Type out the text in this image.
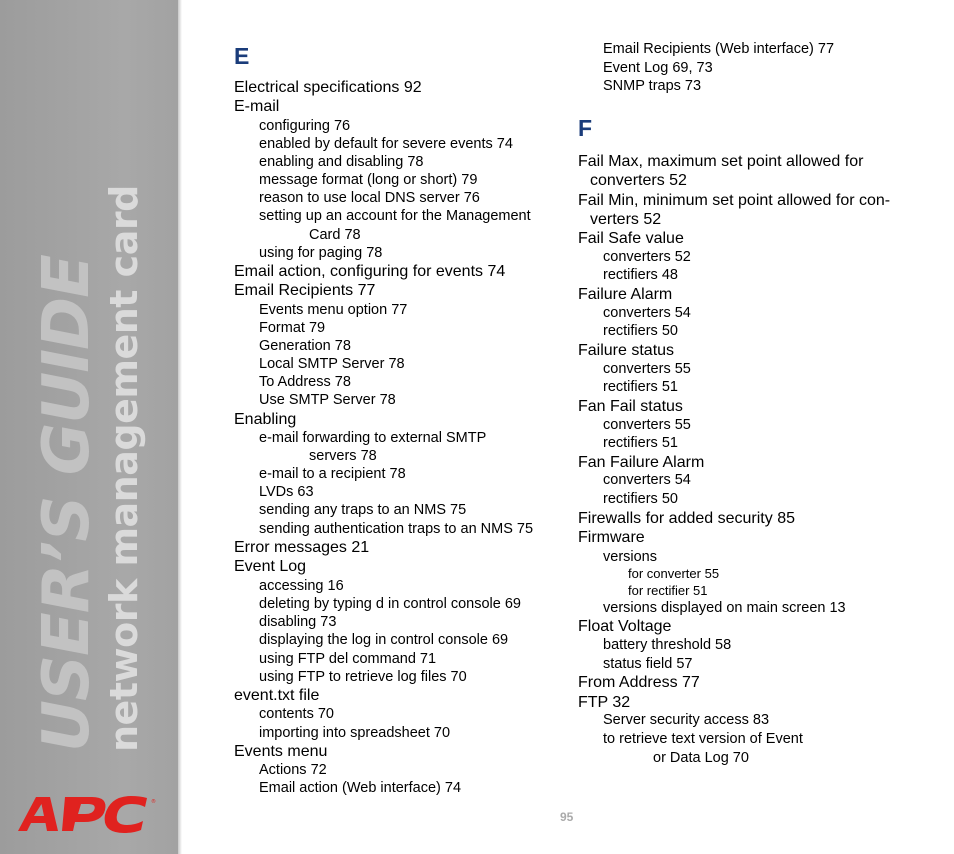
USER’S GUIDE
network management card
®
E
Electrical specifications 92
E-mail
configuring 76
enabled by default for severe events 74
enabling and disabling 78
message format (long or short) 79
reason to use local DNS server 76
setting up an account for the Management
Card 78
using for paging 78
Email action, configuring for events 74
Email Recipients 77
Events menu option 77
Format 79
Generation 78
Local SMTP Server 78
To Address 78
Use SMTP Server 78
Enabling
e-mail forwarding to external SMTP
servers 78
e-mail to a recipient 78
LVDs 63
sending any traps to an NMS 75
sending authentication traps to an NMS 75
Error messages 21
Event Log
accessing 16
deleting by typing d in control console 69
disabling 73
displaying the log in control console 69
using FTP del command 71
using FTP to retrieve log files 70
event.txt file
contents 70
importing into spreadsheet 70
Events menu
Actions 72
Email action (Web interface) 74
Email Recipients (Web interface) 77
Event Log 69, 73
SNMP traps 73
F
Fail Max, maximum set point allowed for
converters 52
Fail Min, minimum set point allowed for con-
verters 52
Fail Safe value
converters 52
rectifiers 48
Failure Alarm
converters 54
rectifiers 50
Failure status
converters 55
rectifiers 51
Fan Fail status
converters 55
rectifiers 51
Fan Failure Alarm
converters 54
rectifiers 50
Firewalls for added security 85
Firmware
versions
for converter 55
for rectifier 51
versions displayed on main screen 13
Float Voltage
battery threshold 58
status field 57
From Address 77
FTP 32
Server security access 83
to retrieve text version of Event
or Data Log 70
95
